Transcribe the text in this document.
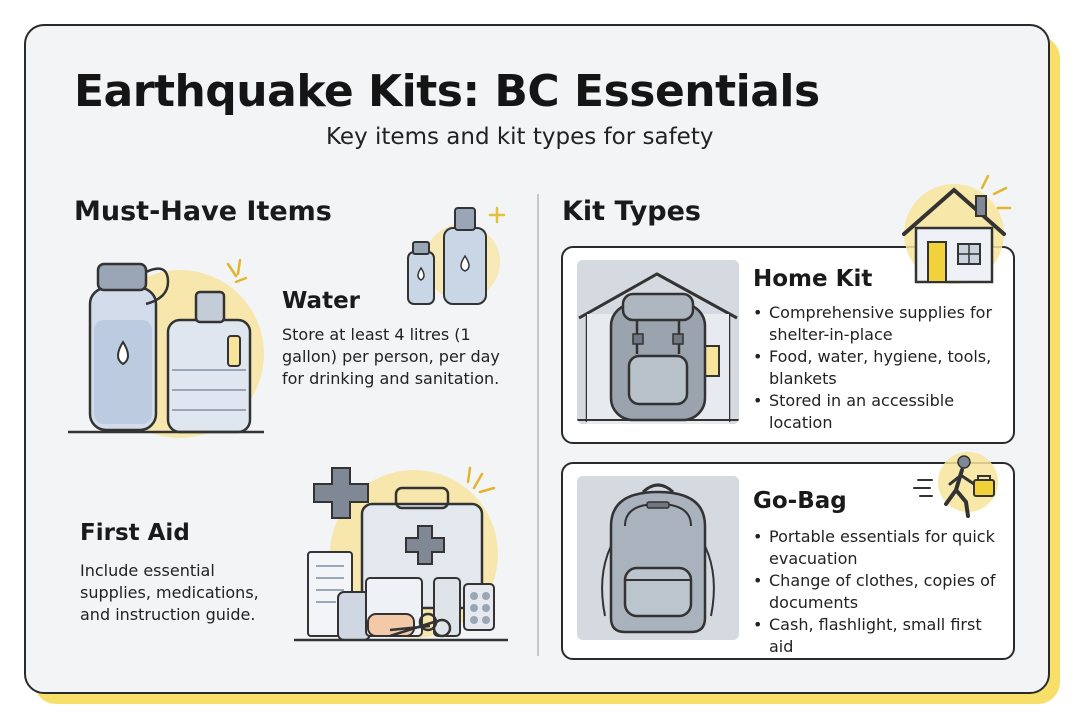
Earthquake Kits: BC Essentials
Key items and kit types for safety
Must-Have Items
Water
Store at least 4 litres (1 gallon) per person, per day for drinking and sanitation.
First Aid
Include essential supplies, medications, and instruction guide.
Kit Types
Home Kit
• Comprehensive supplies for shelter-in-place
• Food, water, hygiene, tools, blankets
• Stored in an accessible location
Go-Bag
• Portable essentials for quick evacuation
• Change of clothes, copies of documents
• Cash, flashlight, small first aid
